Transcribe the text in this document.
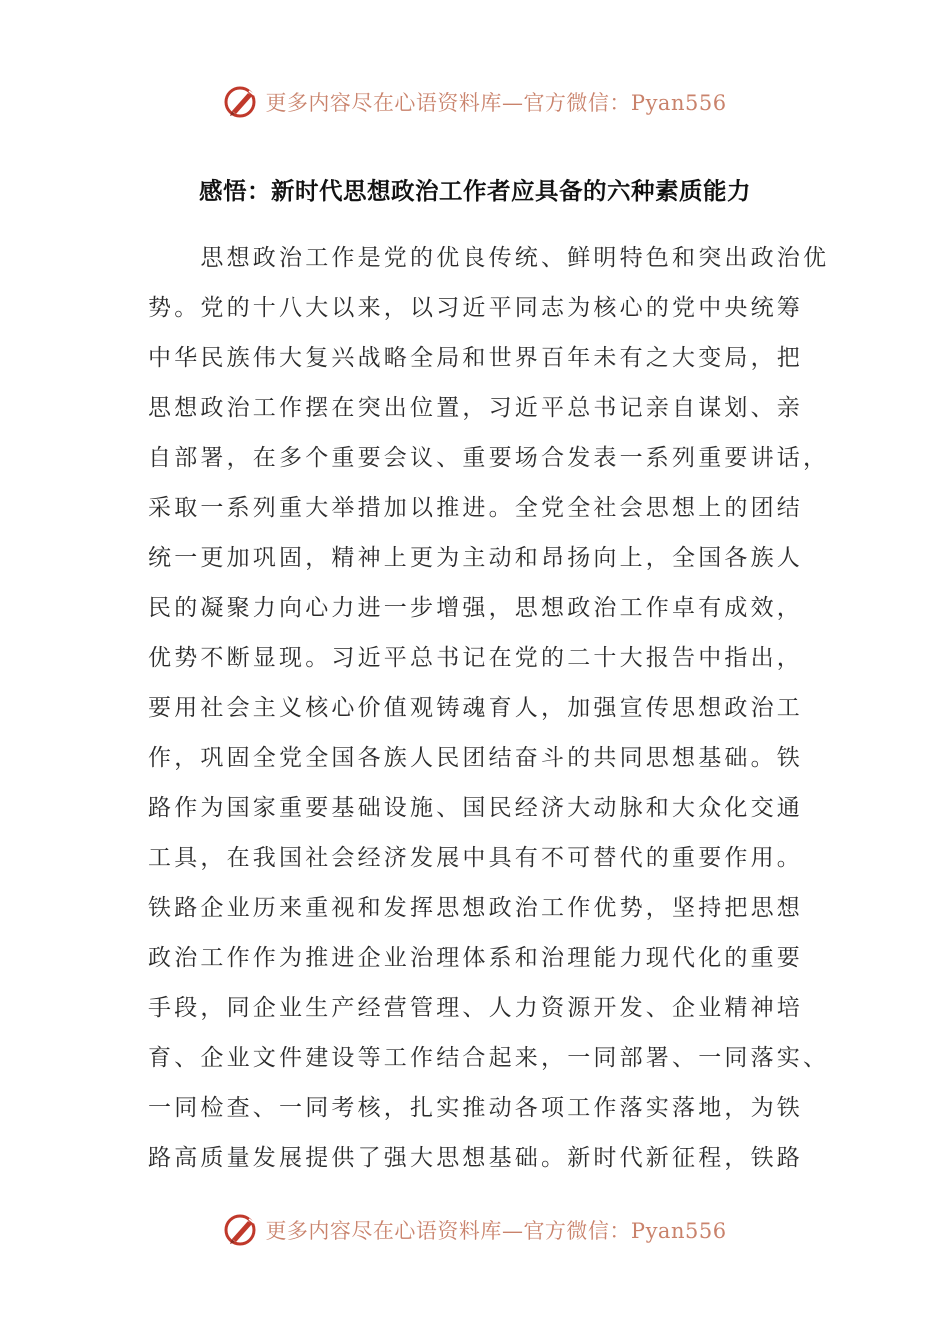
更多内容尽在心语资料库—官方微信：Pyan556
感悟：新时代思想政治工作者应具备的六种素质能力
　　思想政治工作是党的优良传统、鲜明特色和突出政治优
势。党的十八大以来，以习近平同志为核心的党中央统筹
中华民族伟大复兴战略全局和世界百年未有之大变局，把
思想政治工作摆在突出位置，习近平总书记亲自谋划、亲
自部署，在多个重要会议、重要场合发表一系列重要讲话，
采取一系列重大举措加以推进。全党全社会思想上的团结
统一更加巩固，精神上更为主动和昂扬向上，全国各族人
民的凝聚力向心力进一步增强，思想政治工作卓有成效，
优势不断显现。习近平总书记在党的二十大报告中指出，
要用社会主义核心价值观铸魂育人，加强宣传思想政治工
作，巩固全党全国各族人民团结奋斗的共同思想基础。铁
路作为国家重要基础设施、国民经济大动脉和大众化交通
工具，在我国社会经济发展中具有不可替代的重要作用。
铁路企业历来重视和发挥思想政治工作优势，坚持把思想
政治工作作为推进企业治理体系和治理能力现代化的重要
手段，同企业生产经营管理、人力资源开发、企业精神培
育、企业文件建设等工作结合起来，一同部署、一同落实、
一同检查、一同考核，扎实推动各项工作落实落地，为铁
路高质量发展提供了强大思想基础。新时代新征程，铁路
更多内容尽在心语资料库—官方微信：Pyan556
